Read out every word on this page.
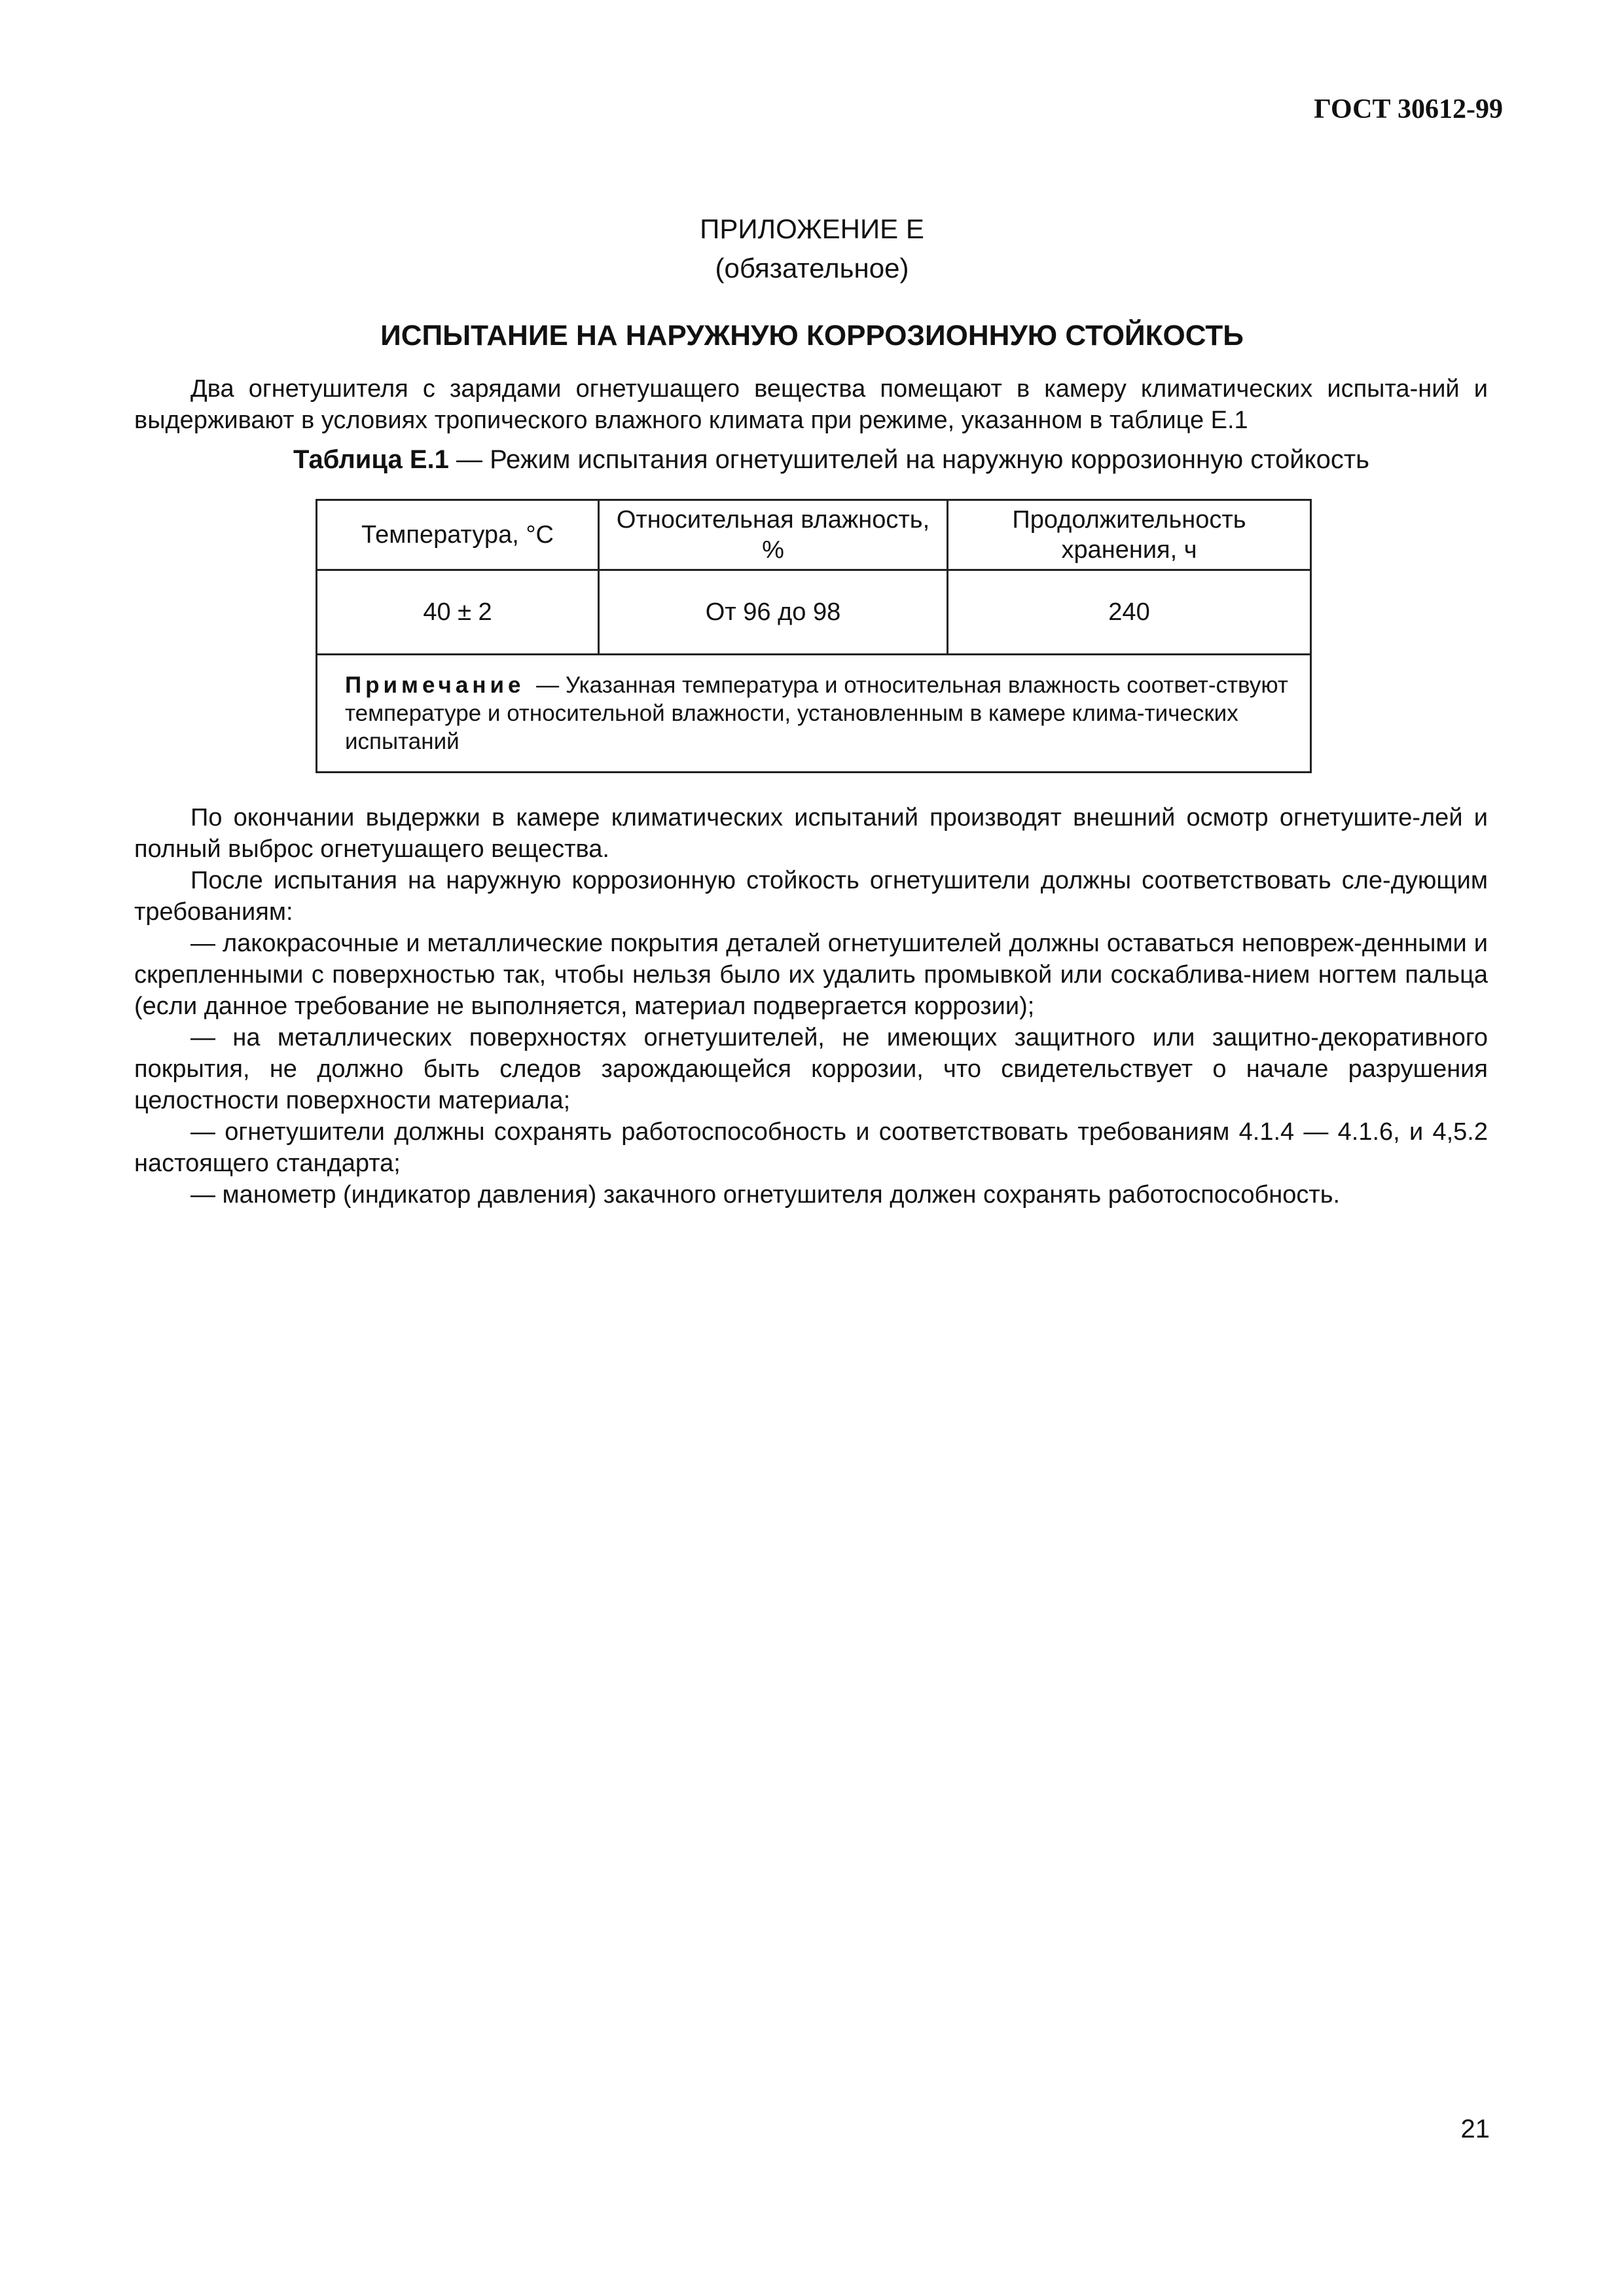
ГОСТ 30612-99
ПРИЛОЖЕНИЕ Е
(обязательное)
ИСПЫТАНИЕ НА НАРУЖНУЮ КОРРОЗИОННУЮ СТОЙКОСТЬ

Два огнетушителя с зарядами огнетушащего вещества помещают в камеру климатических испыта-ний и выдерживают в условиях тропического влажного климата при режиме, указанном в таблице Е.1

Таблица Е.1 — Режим испытания огнетушителей на наружную коррозионную стойкость
Температура, °С	Относительная влажность, %	Продолжительность хранения, ч
40 ± 2	От 96 до 98	240
Примечание — Указанная температура и относительная влажность соответ-ствуют температуре и относительной влажности, установленным в камере клима-тических испытаний		

По окончании выдержки в камере климатических испытаний производят внешний осмотр огнетушите-лей и полный выброс огнетушащего вещества.

После испытания на наружную коррозионную стойкость огнетушители должны соответствовать сле-дующим требованиям:

— лакокрасочные и металлические покрытия деталей огнетушителей должны оставаться неповреж-денными и скрепленными с поверхностью так, чтобы нельзя было их удалить промывкой или соскаблива-нием ногтем пальца (если данное требование не выполняется, материал подвергается коррозии);

— на металлических поверхностях огнетушителей, не имеющих защитного или защитно-декоративного покрытия, не должно быть следов зарождающейся коррозии, что свидетельствует о начале разрушения целостности поверхности материала;

— огнетушители должны сохранять работоспособность и соответствовать требованиям 4.1.4 — 4.1.6, и 4,5.2 настоящего стандарта;

— манометр (индикатор давления) закачного огнетушителя должен сохранять работоспособность.

21
